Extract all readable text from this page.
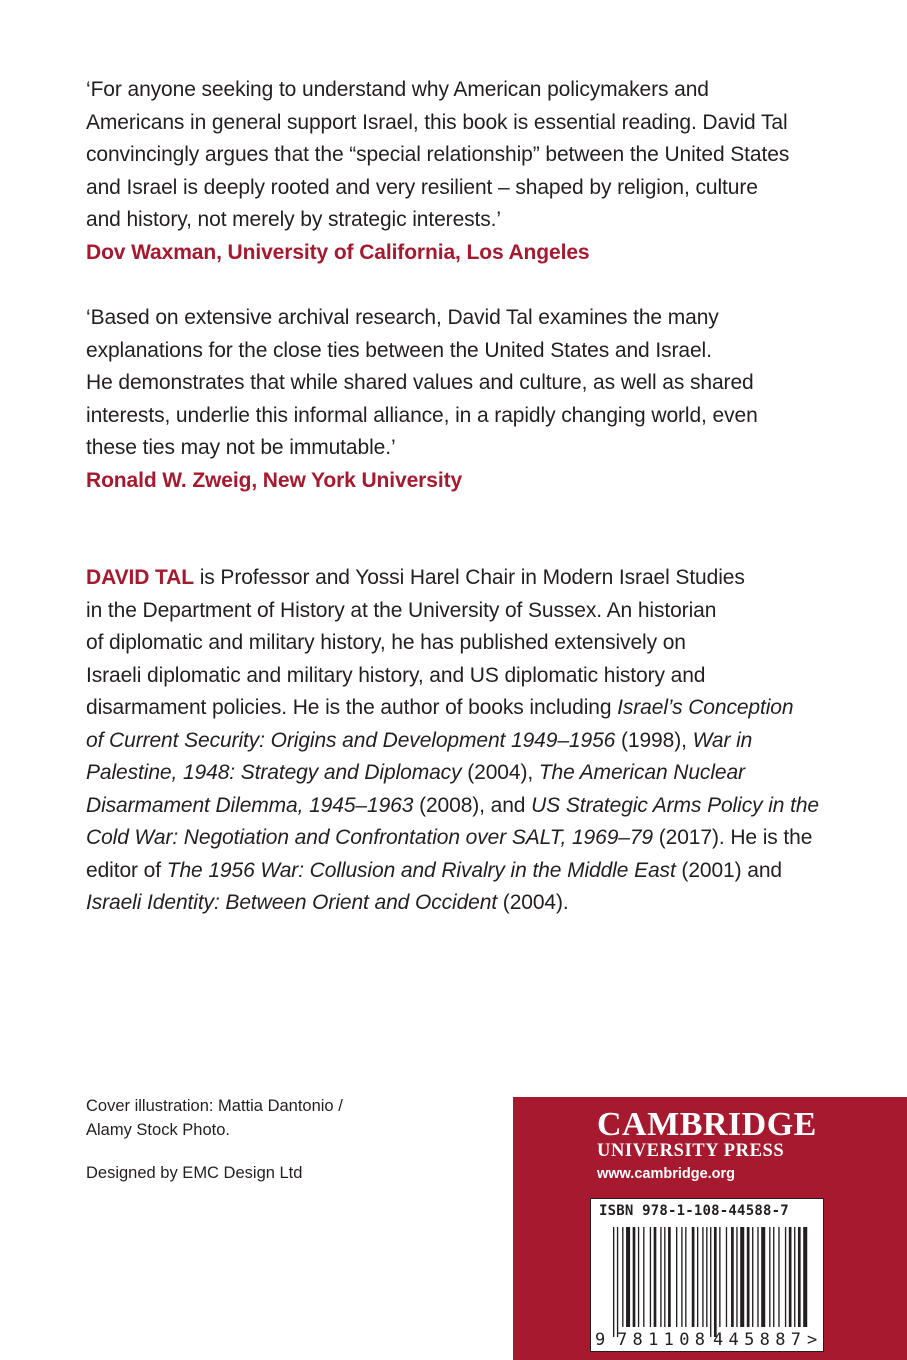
‘For anyone seeking to understand why American policymakers and

Americans in general support Israel, this book is essential reading. David Tal

convincingly argues that the “special relationship” between the United States

and Israel is deeply rooted and very resilient – shaped by religion, culture

and history, not merely by strategic interests.’

Dov Waxman, University of California, Los Angeles

‘Based on extensive archival research, David Tal examines the many

explanations for the close ties between the United States and Israel.

He demonstrates that while shared values and culture, as well as shared

interests, underlie this informal alliance, in a rapidly changing world, even

these ties may not be immutable.’

Ronald W. Zweig, New York University

DAVID TAL is Professor and Yossi Harel Chair in Modern Israel Studies

in the Department of History at the University of Sussex. An historian

of diplomatic and military history, he has published extensively on

Israeli diplomatic and military history, and US diplomatic history and

disarmament policies. He is the author of books including Israel’s Conception

of Current Security: Origins and Development 1949–1956 (1998), War in

Palestine, 1948: Strategy and Diplomacy (2004), The American Nuclear

Disarmament Dilemma, 1945–1963 (2008), and US Strategic Arms Policy in the

Cold War: Negotiation and Confrontation over SALT, 1969–79 (2017). He is the

editor of The 1956 War: Collusion and Rivalry in the Middle East (2001) and

Israeli Identity: Between Orient and Occident (2004).

Cover illustration: Mattia Dantonio /
Alamy Stock Photo.
Designed by EMC Design Ltd
CAMBRIDGE
UNIVERSITY PRESS
www.cambridge.org
ISBN 978-1-108-44588-7
9 781108 445887 >
